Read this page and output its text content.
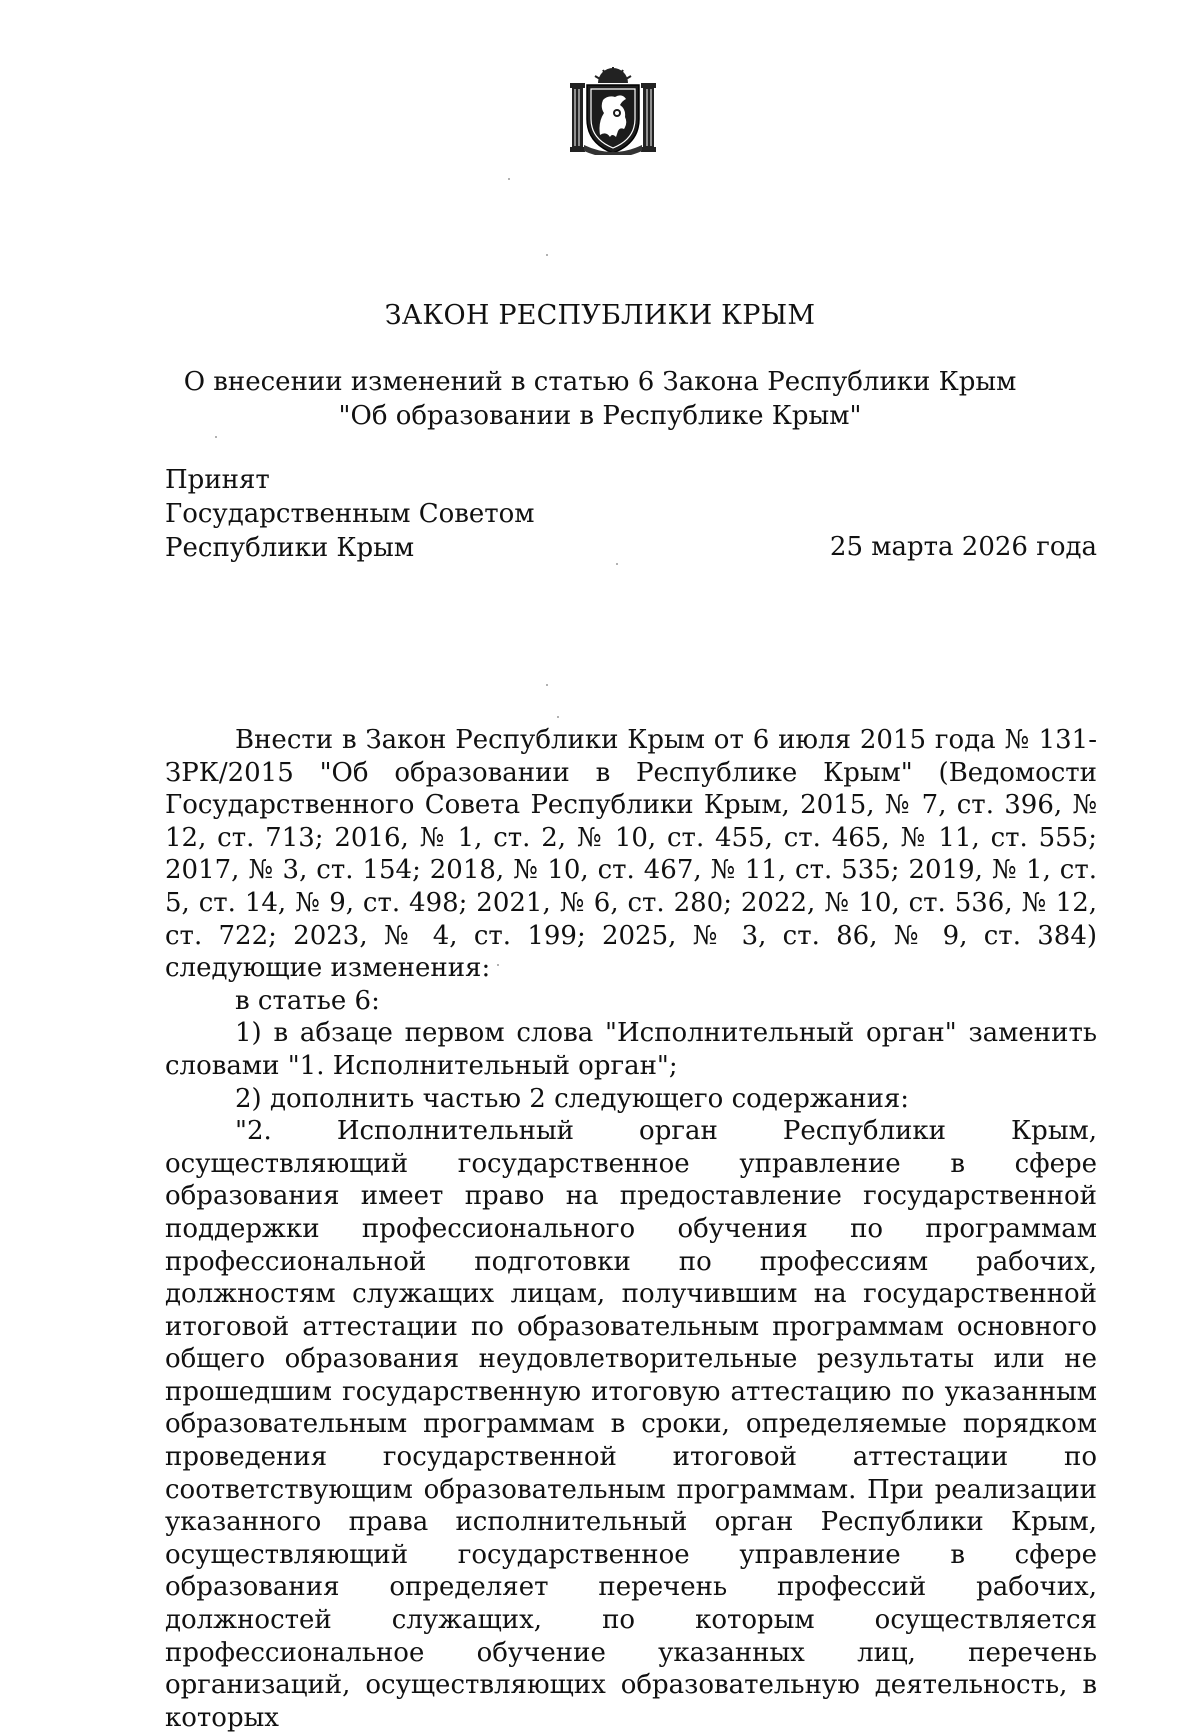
ЗАКОН РЕСПУБЛИКИ КРЫМ
О внесении изменений в статью 6 Закона Республики Крым
"Об образовании в Республике Крым"
Принят
Государственным Советом
Республики Крым	25 марта 2026 года

Внести в Закон Республики Крым от 6 июля 2015 года № 131-ЗРК/2015 "Об образовании в Республике Крым" (Ведомости Государственного Совета Республики Крым, 2015, № 7, ст. 396, № 12, ст. 713; 2016, № 1, ст. 2, № 10, ст. 455, ст. 465, № 11, ст. 555; 2017, № 3, ст. 154; 2018, № 10, ст. 467, № 11, ст. 535; 2019, № 1, ст. 5, ст. 14, № 9, ст. 498; 2021, № 6, ст. 280; 2022, № 10, ст. 536, № 12, ст. 722; 2023, № 4, ст. 199; 2025, № 3, ст. 86, № 9, ст. 384) следующие изменения:

в статье 6:

1) в абзаце первом слова "Исполнительный орган" заменить словами "1. Исполнительный орган";

2) дополнить частью 2 следующего содержания:

"2. Исполнительный орган Республики Крым, осуществляющий государственное управление в сфере образования имеет право на предоставление государственной поддержки профессионального обучения по программам профессиональной подготовки по профессиям рабочих, должностям служащих лицам, получившим на государственной итоговой аттестации по образовательным программам основного общего образования неудовлетворительные результаты или не прошедшим государственную итоговую аттестацию по указанным образовательным программам в сроки, определяемые порядком проведения государственной итоговой аттестации по соответствующим образовательным программам. При реализации указанного права исполнительный орган Республики Крым, осуществляющий государственное управление в сфере образования определяет перечень профессий рабочих, должностей служащих, по которым осуществляется профессиональное обучение указанных лиц, перечень организаций, осуществляющих образовательную деятельность, в которых
